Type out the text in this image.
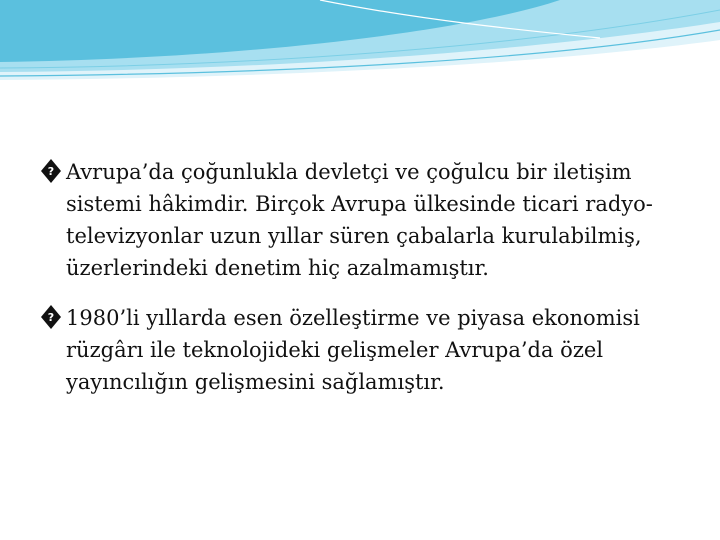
? Avrupa’da çoğunlukla devletçi ve çoğulcu bir iletişim sistemi hâkimdir. Birçok Avrupa ülkesinde ticari radyo-televizyonlar uzun yıllar süren çabalarla kurulabilmiş, üzerlerindeki denetim hiç azalmamıştır.
? 1980’li yıllarda esen özelleştirme ve piyasa ekonomisi rüzgârı ile teknolojideki gelişmeler Avrupa’da özel yayıncılığın gelişmesini sağlamıştır.
